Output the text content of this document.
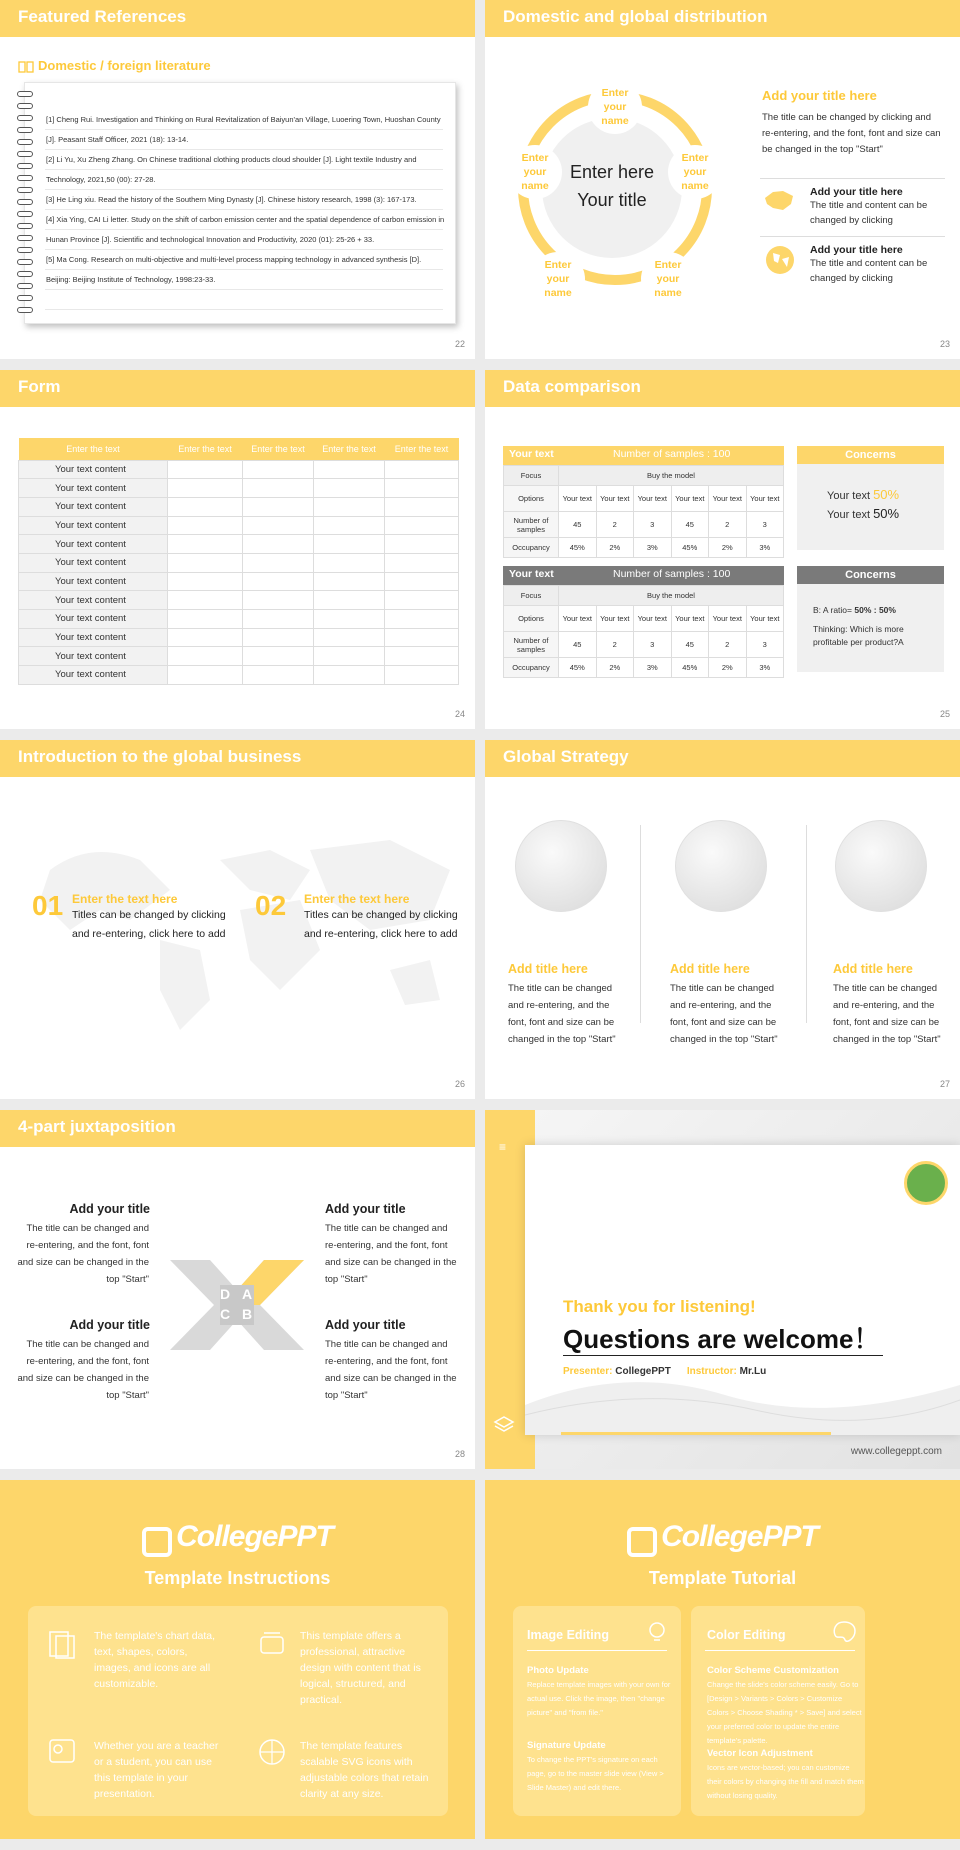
Featured References
Domestic / foreign literature
[1] Cheng Rui. Investigation and Thinking on Rural Revitalization of Baiyun'an Village, Luoering Town, Huoshan County [J]. Peasant Staff Officer, 2021 (18): 13-14.
[2] Li Yu, Xu Zheng Zhang. On Chinese traditional clothing products cloud shoulder [J]. Light textile Industry and Technology, 2021,50 (00): 27-28.
[3] He Ling xiu. Read the history of the Southern Ming Dynasty [J]. Chinese history research, 1998 (3): 167-173.
[4] Xia Ying, CAI Li letter. Study on the shift of carbon emission center and the spatial dependence of carbon emission in Hunan Province [J]. Scientific and technological Innovation and Productivity, 2020 (01): 25-26 + 33.
[5] Ma Cong. Research on multi-objective and multi-level process mapping technology in advanced synthesis [D]. Beijing: Beijing Institute of Technology, 1998:23-33.
22
Domestic and global distribution
Enter here
Your title
Enter
your
name
Enter
your
name
Enter
your
name
Enter
your
name
Enter
your
name
Add your title here
The title can be changed by clicking and re-entering, and the font, font and size can be changed in the top "Start"
Add your title here
The title and content can be changed by clicking
Add your title here
The title and content can be changed by clicking
23
Form
Enter the text	Enter the text	Enter the text	Enter the text	Enter the text
Your text content				
Your text content				
Your text content				
Your text content				
Your text content				
Your text content				
Your text content				
Your text content				
Your text content				
Your text content				
Your text content				
Your text content				
24
Data comparison
Your text	Number of samples : 100
Focus	Buy the model					
Options	Your text	Your text	Your text	Your text	Your text	Your text
Number of samples	45	2	3	45	2	3
Occupancy	45%	2%	3%	45%	2%	3%
Your text	Number of samples : 100
Focus	Buy the model					
Options	Your text	Your text	Your text	Your text	Your text	Your text
Number of samples	45	2	3	45	2	3
Occupancy	45%	2%	3%	45%	2%	3%
Concerns
Your text 50%
Your text 50%
Concerns
B: A ratio= 50% : 50%
Thinking: Which is more profitable per product?A
25
Introduction to the global business
01 Enter the text here
Titles can be changed by clicking
and re-entering, click here to add
02 Enter the text here
Titles can be changed by clicking
and re-entering, click here to add
26
Global Strategy
Add title here
The title can be changed and re-entering, and the font, font and size can be changed in the top "Start"
Add title here
The title can be changed and re-entering, and the font, font and size can be changed in the top "Start"
Add title here
The title can be changed and re-entering, and the font, font and size can be changed in the top "Start"
27
4-part juxtaposition
Add your title
The title can be changed and re-entering, and the font, font and size can be changed in the top "Start"
Add your title
The title can be changed and re-entering, and the font, font and size can be changed in the top "Start"
Add your title
The title can be changed and re-entering, and the font, font and size can be changed in the top "Start"
Add your title
The title can be changed and re-entering, and the font, font and size can be changed in the top "Start"
D A
C B
28
≡
Thank you for listening!
Questions are welcome！
Presenter: CollegePPT Instructor: Mr.Lu
www.collegeppt.com
CollegePPT
Template Instructions
The template's chart data, text, shapes, colors, images, and icons are all customizable.
This template offers a professional, attractive design with content that is logical, structured, and practical.
Whether you are a teacher or a student, you can use this template in your presentation.
The template features scalable SVG icons with adjustable colors that retain clarity at any size.
CollegePPT
Template Tutorial
Image Editing
Photo Update
Replace template images with your own for actual use. Click the image, then "change picture" and "from file."
Signature Update
To change the PPT's signature on each page, go to the master slide view (View > Slide Master) and edit there.
Color Editing
Color Scheme Customization
Change the slide's color scheme easily. Go to [Design > Variants > Colors > Customize Colors > Choose Shading * > Save] and select your preferred color to update the entire template's palette.
Vector Icon Adjustment
Icons are vector-based; you can customize their colors by changing the fill and match them without losing quality.
